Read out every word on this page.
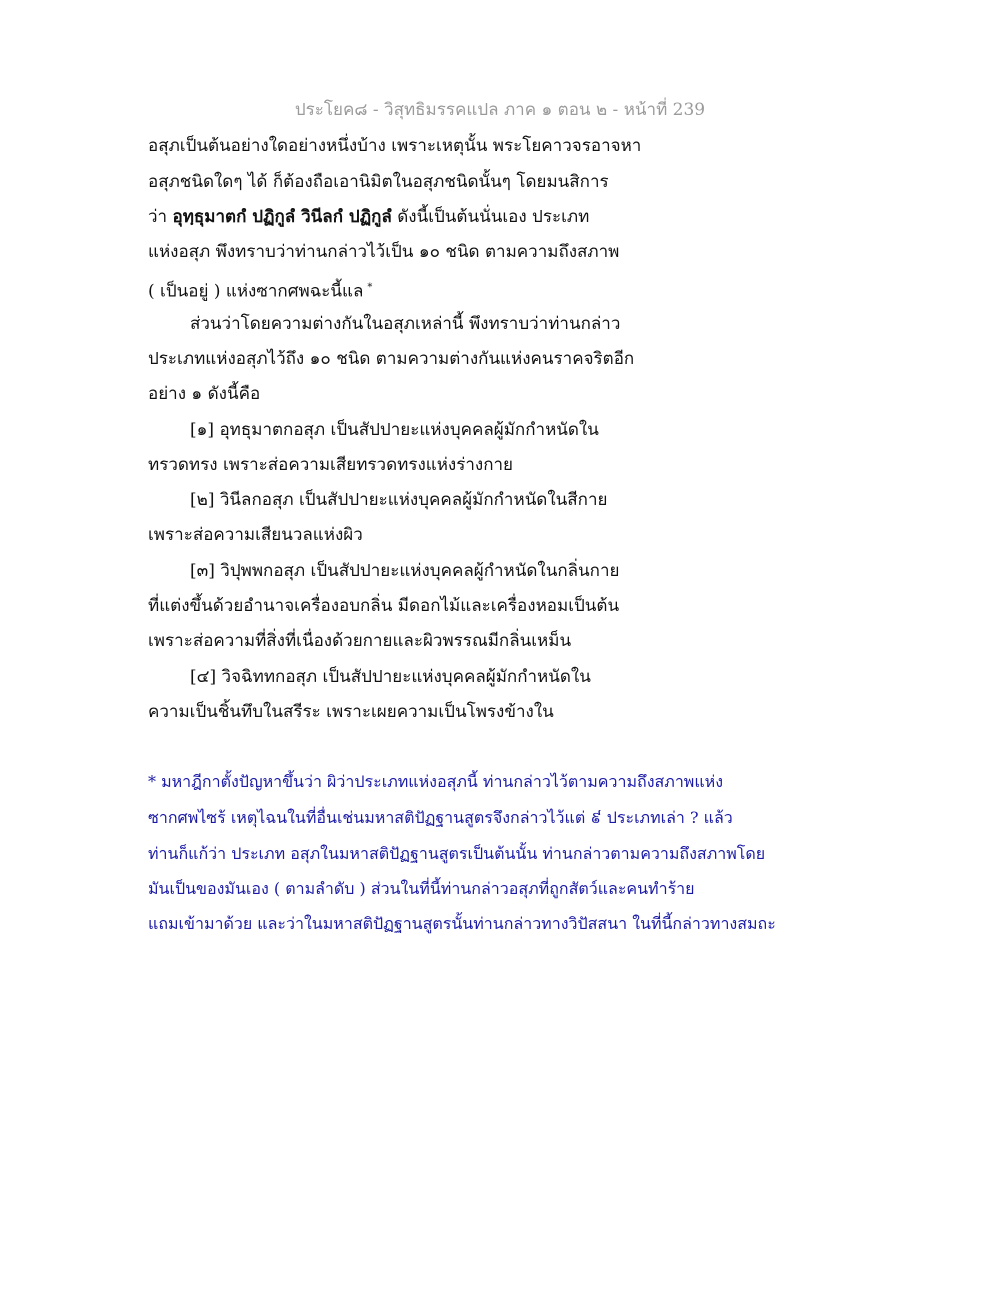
ประโยค๘ - วิสุทธิมรรคแปล ภาค ๑ ตอน ๒ - หน้าที่ 239
อสุภเป็นต้นอย่างใดอย่างหนึ่งบ้าง เพราะเหตุนั้น พระโยคาวจรอาจหา
อสุภชนิดใดๆ ได้ ก็ต้องถือเอานิมิตในอสุภชนิดนั้นๆ โดยมนสิการ
ว่า อุทฺธุมาตกํ ปฏิกูลํ วินีลกํ ปฏิกูลํ ดังนี้เป็นต้นนั่นเอง ประเภท
แห่งอสุภ พึงทราบว่าท่านกล่าวไว้เป็น ๑๐ ชนิด ตามความถึงสภาพ
( เป็นอยู่ ) แห่งซากศพฉะนี้แล *
ส่วนว่าโดยความต่างกันในอสุภเหล่านี้ พึงทราบว่าท่านกล่าว
ประเภทแห่งอสุภไว้ถึง ๑๐ ชนิด ตามความต่างกันแห่งคนราคจริตอีก
อย่าง ๑ ดังนี้คือ
[๑] อุทธุมาตกอสุภ เป็นสัปปายะแห่งบุคคลผู้มักกำหนัดใน
ทรวดทรง เพราะส่อความเสียทรวดทรงแห่งร่างกาย
[๒] วินีลกอสุภ เป็นสัปปายะแห่งบุคคลผู้มักกำหนัดในสีกาย
เพราะส่อความเสียนวลแห่งผิว
[๓] วิปุพพกอสุภ เป็นสัปปายะแห่งบุคคลผู้กำหนัดในกลิ่นกาย
ที่แต่งขึ้นด้วยอำนาจเครื่องอบกลิ่น มีดอกไม้และเครื่องหอมเป็นต้น
เพราะส่อความที่สิ่งที่เนื่องด้วยกายและผิวพรรณมีกลิ่นเหม็น
[๔] วิจฉิททกอสุภ เป็นสัปปายะแห่งบุคคลผู้มักกำหนัดใน
ความเป็นชิ้นทึบในสรีระ เพราะเผยความเป็นโพรงข้างใน
* มหาฎีกาตั้งปัญหาขึ้นว่า ผิว่าประเภทแห่งอสุภนี้ ท่านกล่าวไว้ตามความถึงสภาพแห่ง
ซากศพไซร้ เหตุไฉนในที่อื่นเช่นมหาสติปัฏฐานสูตรจึงกล่าวไว้แต่ ៩ ประเภทเล่า ? แล้ว
ท่านก็แก้ว่า ประเภท อสุภในมหาสติปัฏฐานสูตรเป็นต้นนั้น ท่านกล่าวตามความถึงสภาพโดย
มันเป็นของมันเอง ( ตามลำดับ ) ส่วนในที่นี้ท่านกล่าวอสุภที่ถูกสัตว์และคนทำร้าย
แถมเข้ามาด้วย และว่าในมหาสติปัฏฐานสูตรนั้นท่านกล่าวทางวิปัสสนา ในที่นี้กล่าวทางสมถะ
